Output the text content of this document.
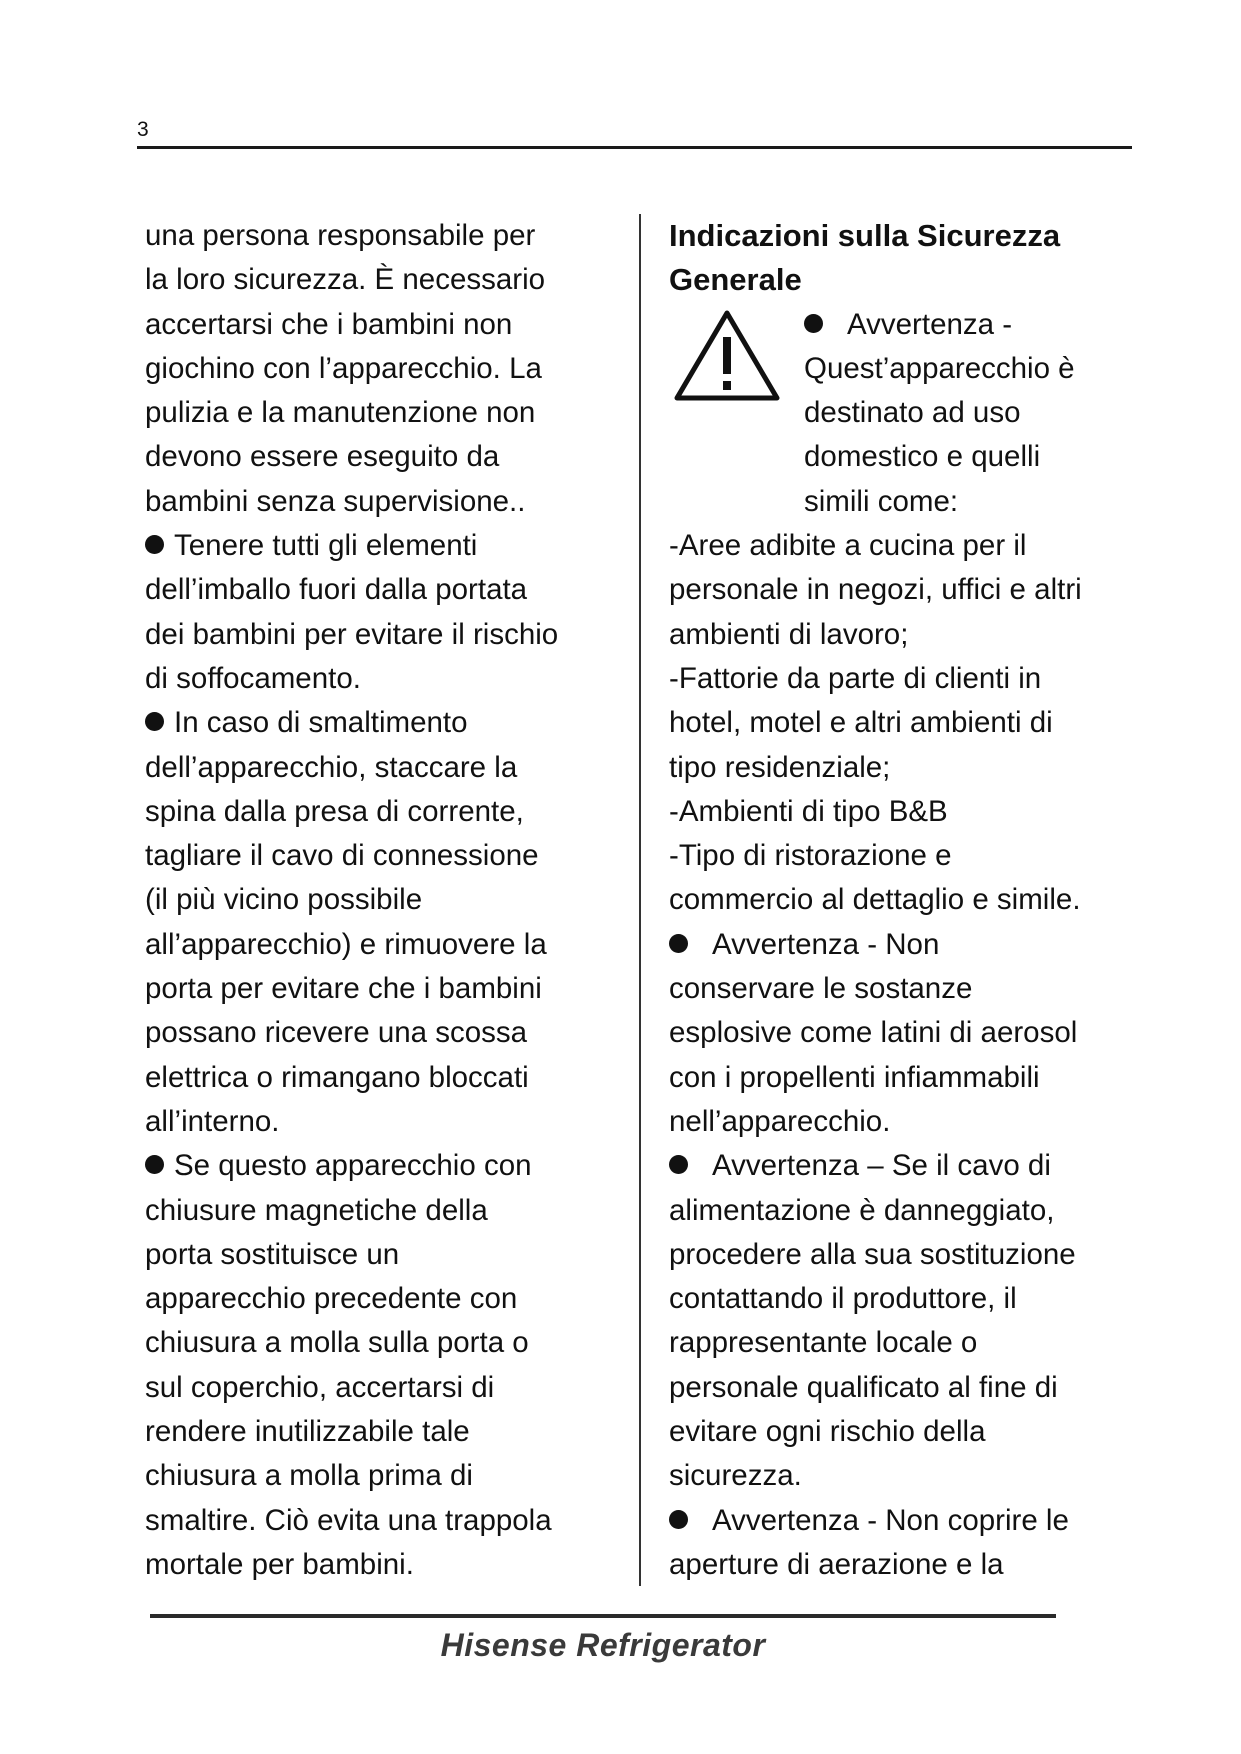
3
una persona responsabile per
la loro sicurezza. È necessario
accertarsi che i bambini non
giochino con l’apparecchio. La
pulizia e la manutenzione non
devono essere eseguito da
bambini senza supervisione..
Tenere tutti gli elementi
dell’imballo fuori dalla portata
dei bambini per evitare il rischio
di soffocamento.
In caso di smaltimento
dell’apparecchio, staccare la
spina dalla presa di corrente,
tagliare il cavo di connessione
(il più vicino possibile
all’apparecchio) e rimuovere la
porta per evitare che i bambini
possano ricevere una scossa
elettrica o rimangano bloccati
all’interno.
Se questo apparecchio con
chiusure magnetiche della
porta sostituisce un
apparecchio precedente con
chiusura a molla sulla porta o
sul coperchio, accertarsi di
rendere inutilizzabile tale
chiusura a molla prima di
smaltire. Ciò evita una trappola
mortale per bambini.
Indicazioni sulla Sicurezza
Generale
Avvertenza -
Quest’apparecchio è
destinato ad uso
domestico e quelli
simili come:
-Aree adibite a cucina per il
personale in negozi, uffici e altri
ambienti di lavoro;
-Fattorie da parte di clienti in
hotel, motel e altri ambienti di
tipo residenziale;
-Ambienti di tipo B&B
-Tipo di ristorazione e
commercio al dettaglio e simile.
Avvertenza - Non
conservare le sostanze
esplosive come latini di aerosol
con i propellenti infiammabili
nell’apparecchio.
Avvertenza – Se il cavo di
alimentazione è danneggiato,
procedere alla sua sostituzione
contattando il produttore, il
rappresentante locale o
personale qualificato al fine di
evitare ogni rischio della
sicurezza.
Avvertenza - Non coprire le
aperture di aerazione e la
Hisense Refrigerator
